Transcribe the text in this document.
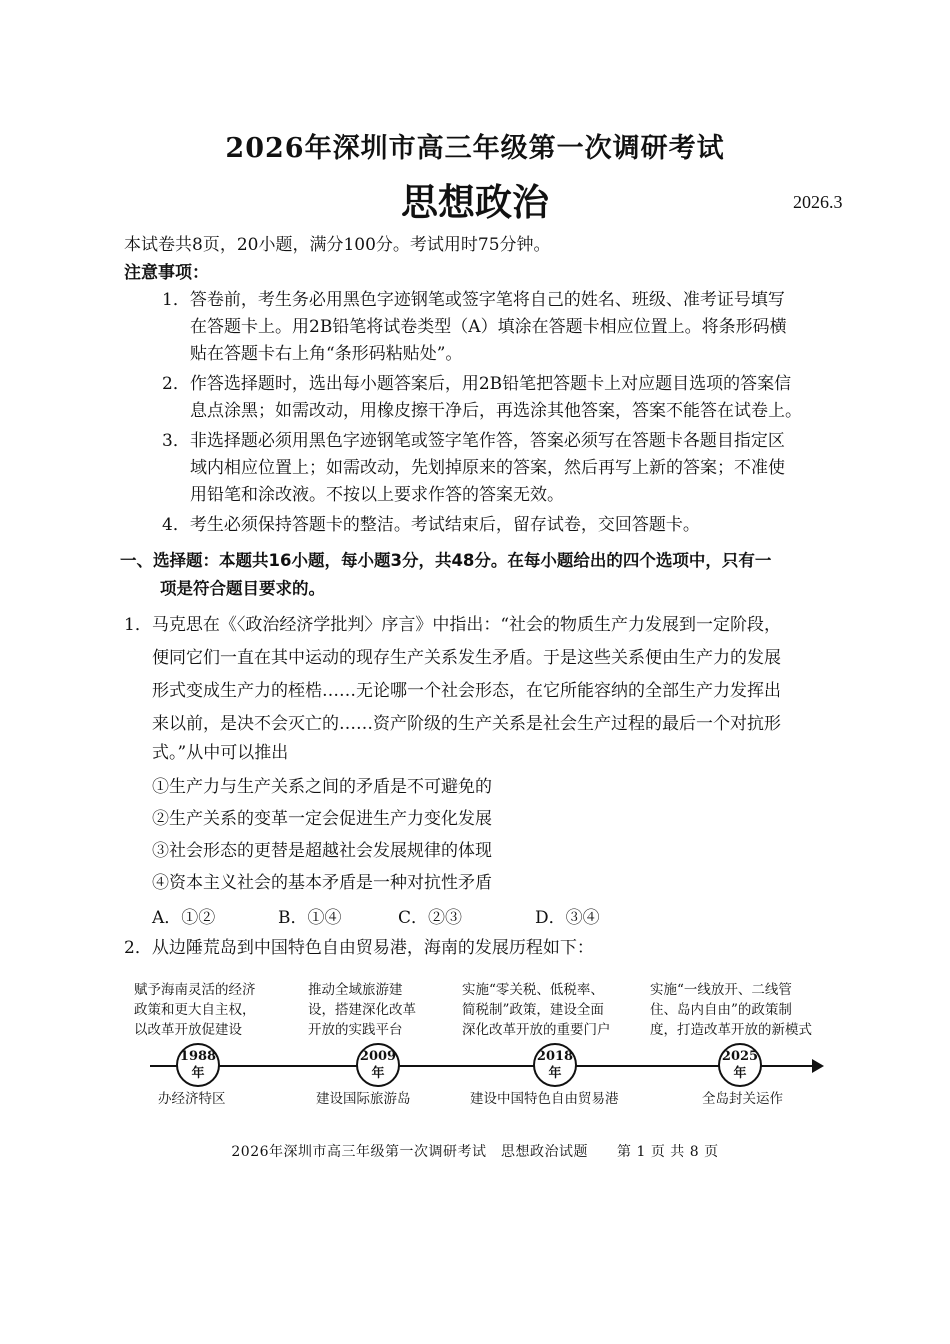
2026年深圳市高三年级第一次调研考试
思想政治	2026.3
本试卷共8页，20小题，满分100分。考试用时75分钟。
注意事项：
1．答卷前，考生务必用黑色字迹钢笔或签字笔将自己的姓名、班级、准考证号填写
在答题卡上。用2B铅笔将试卷类型（A）填涂在答题卡相应位置上。将条形码横
贴在答题卡右上角“条形码粘贴处”。
2．作答选择题时，选出每小题答案后，用2B铅笔把答题卡上对应题目选项的答案信
息点涂黑；如需改动，用橡皮擦干净后，再选涂其他答案，答案不能答在试卷上。
3．非选择题必须用黑色字迹钢笔或签字笔作答，答案必须写在答题卡各题目指定区
域内相应位置上；如需改动，先划掉原来的答案，然后再写上新的答案；不准使
用铅笔和涂改液。不按以上要求作答的答案无效。
4．考生必须保持答题卡的整洁。考试结束后，留存试卷，交回答题卡。
一、选择题：本题共16小题，每小题3分，共48分。在每小题给出的四个选项中，只有一
项是符合题目要求的。
1．马克思在《〈政治经济学批判〉序言》中指出：“社会的物质生产力发展到一定阶段，
便同它们一直在其中运动的现存生产关系发生矛盾。于是这些关系便由生产力的发展
形式变成生产力的桎梏……无论哪一个社会形态，在它所能容纳的全部生产力发挥出
来以前，是决不会灭亡的……资产阶级的生产关系是社会生产过程的最后一个对抗形
式。”从中可以推出
①生产力与生产关系之间的矛盾是不可避免的
②生产关系的变革一定会促进生产力变化发展
③社会形态的更替是超越社会发展规律的体现
④资本主义社会的基本矛盾是一种对抗性矛盾
A．①②	B．①④	C．②③	D．③④
2．从边陲荒岛到中国特色自由贸易港，海南的发展历程如下：
赋予海南灵活的经济
政策和更大自主权，
以改革开放促建设
1988
年
办经济特区
推动全域旅游建
设，搭建深化改革
开放的实践平台
2009
年
建设国际旅游岛
实施“零关税、低税率、
简税制”政策，建设全面
深化改革开放的重要门户
2018
年
建设中国特色自由贸易港
实施“一线放开、二线管
住、岛内自由”的政策制
度，打造改革开放的新模式
2025
年
全岛封关运作
2026年深圳市高三年级第一次调研考试　思想政治试题　　第 1 页 共 8 页
